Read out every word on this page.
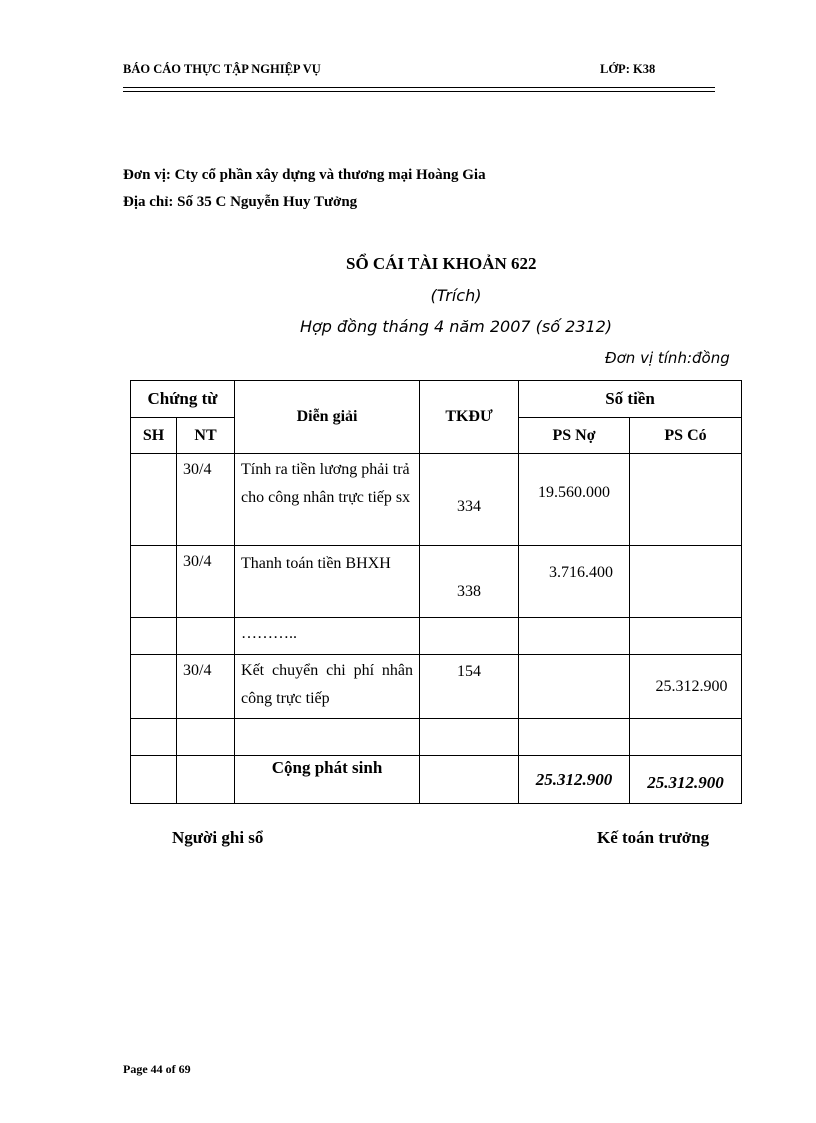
BÁO CÁO THỰC TẬP NGHIỆP VỤ	LỚP: K38
Đơn vị: Cty cổ phần xây dựng và thương mại Hoàng Gia
Địa chỉ: Số 35 C Nguyễn Huy Tưởng
SỔ CÁI TÀI KHOẢN 622
(Trích)
Hợp đồng tháng 4 năm 2007 (số 2312)
Đơn vị tính:đồng
Chứng từ		Diễn giải	TKĐƯ	Số tiền	
SH	NT			PS Nợ	PS Có
	30/4	Tính ra tiền lương phải trả cho công nhân trực tiếp sx	334	19.560.000	
	30/4	Thanh toán tiền BHXH	338	3.716.400	
		………..			
	30/4	Kết chuyển chi phí nhân công trực tiếp	154		25.312.900

		Cộng phát sinh		25.312.900	25.312.900
Người ghi sổ	Kế toán trưởng
Page 44 of 69
